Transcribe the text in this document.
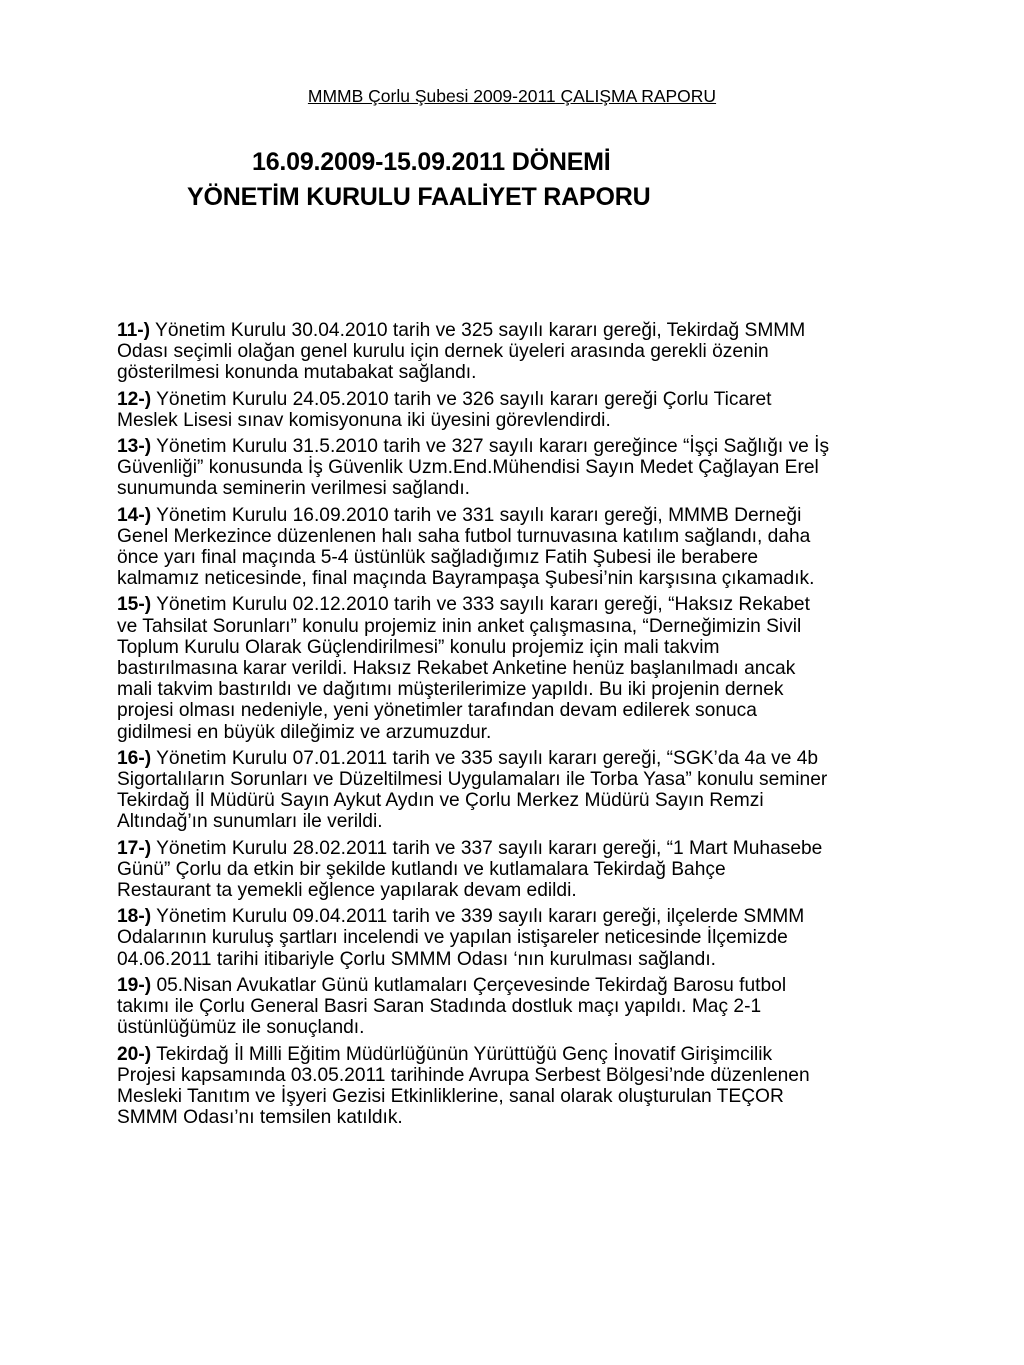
MMMB Çorlu Şubesi 2009-2011 ÇALIŞMA RAPORU
16.09.2009-15.09.2011 DÖNEMİ
YÖNETİM KURULU FAALİYET RAPORU
11-) Yönetim Kurulu 30.04.2010 tarih ve 325 sayılı kararı gereği, Tekirdağ SMMM
Odası seçimli olağan genel kurulu için dernek üyeleri arasında gerekli özenin
gösterilmesi konunda mutabakat sağlandı.
12-) Yönetim Kurulu 24.05.2010 tarih ve 326 sayılı kararı gereği Çorlu Ticaret
Meslek Lisesi sınav komisyonuna iki üyesini görevlendirdi.
13-) Yönetim Kurulu 31.5.2010 tarih ve 327 sayılı kararı gereğince “İşçi Sağlığı ve İş
Güvenliği” konusunda İş Güvenlik Uzm.End.Mühendisi Sayın Medet Çağlayan Erel
sunumunda seminerin verilmesi sağlandı.
14-) Yönetim Kurulu 16.09.2010 tarih ve 331 sayılı kararı gereği, MMMB Derneği
Genel Merkezince düzenlenen halı saha futbol turnuvasına katılım sağlandı, daha
önce yarı final maçında 5-4 üstünlük sağladığımız Fatih Şubesi ile berabere
kalmamız neticesinde, final maçında Bayrampaşa Şubesi’nin karşısına çıkamadık.
15-) Yönetim Kurulu 02.12.2010 tarih ve 333 sayılı kararı gereği, “Haksız Rekabet
ve Tahsilat Sorunları” konulu projemiz inin anket çalışmasına, “Derneğimizin Sivil
Toplum Kurulu Olarak Güçlendirilmesi” konulu projemiz için mali takvim
bastırılmasına karar verildi. Haksız Rekabet Anketine henüz başlanılmadı ancak
mali takvim bastırıldı ve dağıtımı müşterilerimize yapıldı. Bu iki projenin dernek
projesi olması nedeniyle, yeni yönetimler tarafından devam edilerek sonuca
gidilmesi en büyük dileğimiz ve arzumuzdur.
16-) Yönetim Kurulu 07.01.2011 tarih ve 335 sayılı kararı gereği, “SGK’da 4a ve 4b
Sigortalıların Sorunları ve Düzeltilmesi Uygulamaları ile Torba Yasa” konulu seminer
Tekirdağ İl Müdürü Sayın Aykut Aydın ve Çorlu Merkez Müdürü Sayın Remzi
Altındağ’ın sunumları ile verildi.
17-) Yönetim Kurulu 28.02.2011 tarih ve 337 sayılı kararı gereği, “1 Mart Muhasebe
Günü” Çorlu da etkin bir şekilde kutlandı ve kutlamalara Tekirdağ Bahçe
Restaurant ta yemekli eğlence yapılarak devam edildi.
18-) Yönetim Kurulu 09.04.2011 tarih ve 339 sayılı kararı gereği, ilçelerde SMMM
Odalarının kuruluş şartları incelendi ve yapılan istişareler neticesinde İlçemizde
04.06.2011 tarihi itibariyle Çorlu SMMM Odası ‘nın kurulması sağlandı.
19-) 05.Nisan Avukatlar Günü kutlamaları Çerçevesinde Tekirdağ Barosu futbol
takımı ile Çorlu General Basri Saran Stadında dostluk maçı yapıldı. Maç 2-1
üstünlüğümüz ile sonuçlandı.
20-) Tekirdağ İl Milli Eğitim Müdürlüğünün Yürüttüğü Genç İnovatif Girişimcilik
Projesi kapsamında 03.05.2011 tarihinde Avrupa Serbest Bölgesi’nde düzenlenen
Mesleki Tanıtım ve İşyeri Gezisi Etkinliklerine, sanal olarak oluşturulan TEÇOR
SMMM Odası’nı temsilen katıldık.
